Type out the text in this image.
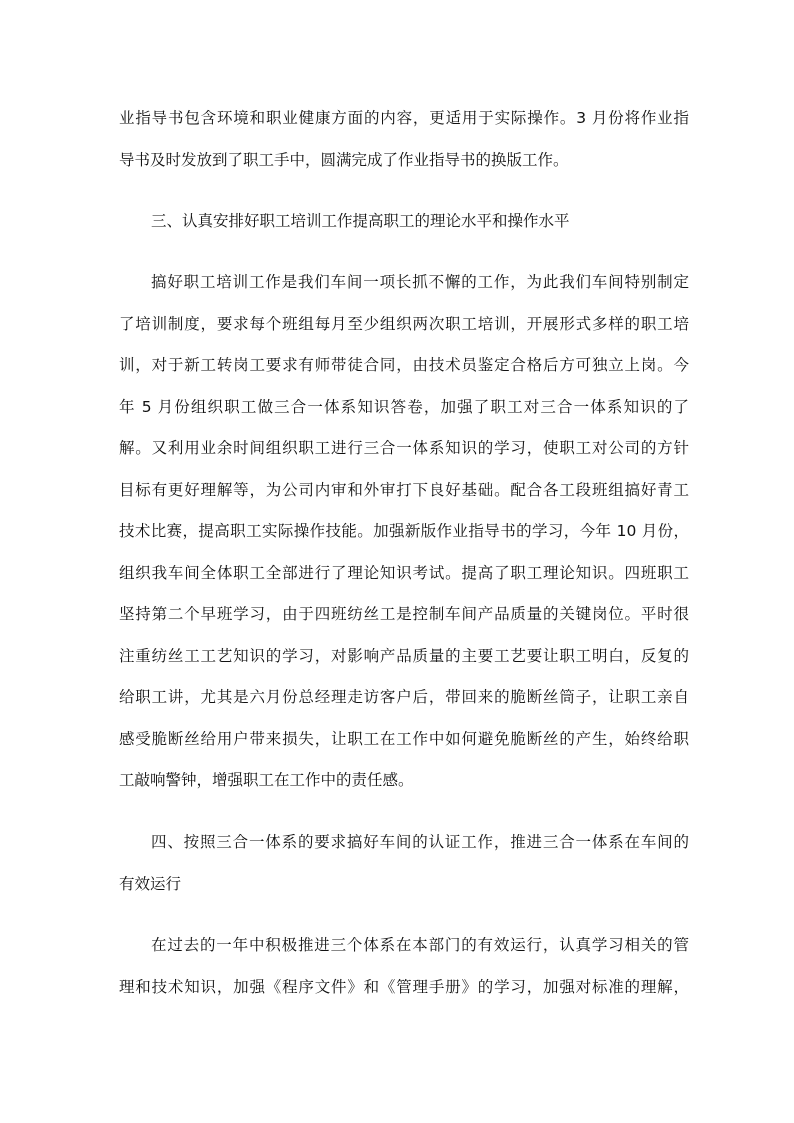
业指导书包含环境和职业健康方面的内容，更适用于实际操作。3 月份将作业指
导书及时发放到了职工手中，圆满完成了作业指导书的换版工作。
三、认真安排好职工培训工作提高职工的理论水平和操作水平
搞好职工培训工作是我们车间一项长抓不懈的工作，为此我们车间特别制定
了培训制度，要求每个班组每月至少组织两次职工培训，开展形式多样的职工培
训，对于新工转岗工要求有师带徒合同，由技术员鉴定合格后方可独立上岗。今
年 5 月份组织职工做三合一体系知识答卷，加强了职工对三合一体系知识的了
解。又利用业余时间组织职工进行三合一体系知识的学习，使职工对公司的方针
目标有更好理解等，为公司内审和外审打下良好基础。配合各工段班组搞好青工
技术比赛，提高职工实际操作技能。加强新版作业指导书的学习，今年 10 月份，
组织我车间全体职工全部进行了理论知识考试。提高了职工理论知识。四班职工
坚持第二个早班学习，由于四班纺丝工是控制车间产品质量的关键岗位。平时很
注重纺丝工工艺知识的学习，对影响产品质量的主要工艺要让职工明白，反复的
给职工讲，尤其是六月份总经理走访客户后，带回来的脆断丝筒子，让职工亲自
感受脆断丝给用户带来损失，让职工在工作中如何避免脆断丝的产生，始终给职
工敲响警钟，增强职工在工作中的责任感。
四、按照三合一体系的要求搞好车间的认证工作，推进三合一体系在车间的
有效运行
在过去的一年中积极推进三个体系在本部门的有效运行，认真学习相关的管
理和技术知识，加强《程序文件》和《管理手册》的学习，加强对标准的理解，
